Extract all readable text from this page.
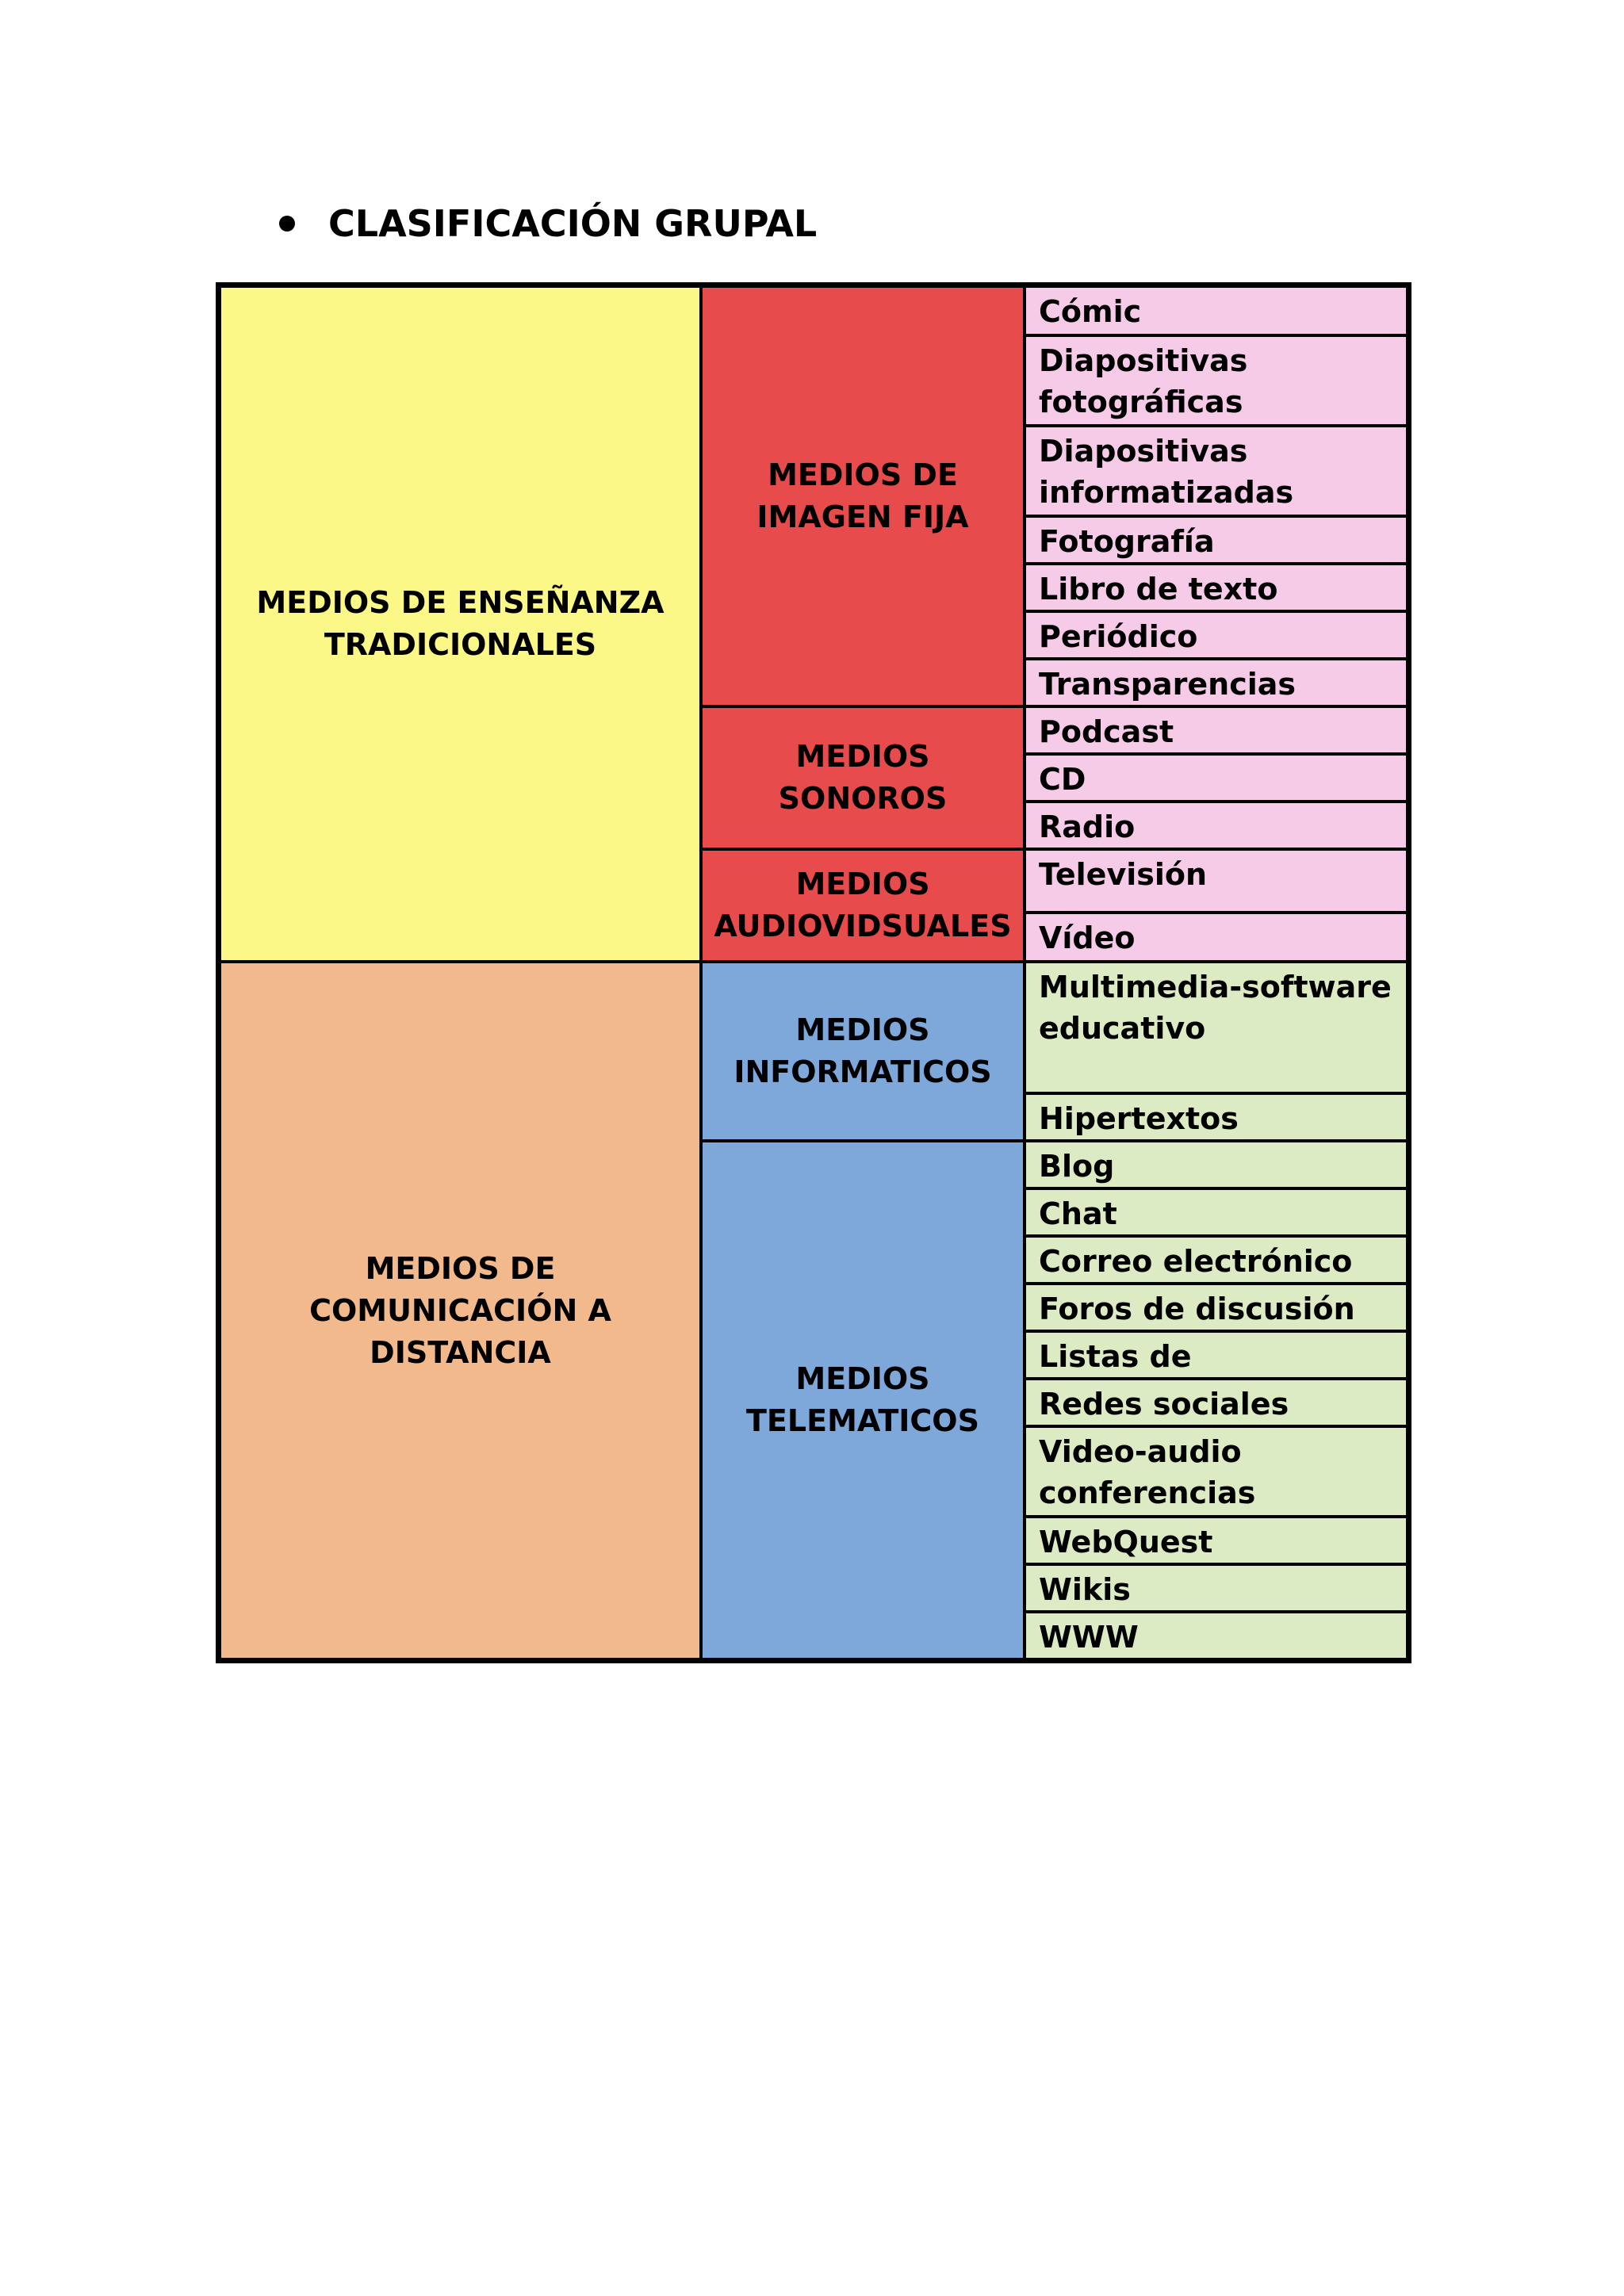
CLASIFICACIÓN GRUPAL
MEDIOS DE ENSEÑANZA
TRADICIONALES
MEDIOS DE
COMUNICACIÓN A
DISTANCIA
MEDIOS DE
IMAGEN FIJA
MEDIOS
SONOROS
MEDIOS
AUDIOVIDSUALES
MEDIOS
INFORMATICOS
MEDIOS
TELEMATICOS
Cómic
Diapositivas
fotográficas
Diapositivas
informatizadas
Fotografía
Libro de texto
Periódico
Transparencias
Podcast
CD
Radio
Televisión
Vídeo
Multimedia-software
educativo
Hipertextos
Blog
Chat
Correo electrónico
Foros de discusión
Listas de
Redes sociales
Video-audio
conferencias
WebQuest
Wikis
WWW
